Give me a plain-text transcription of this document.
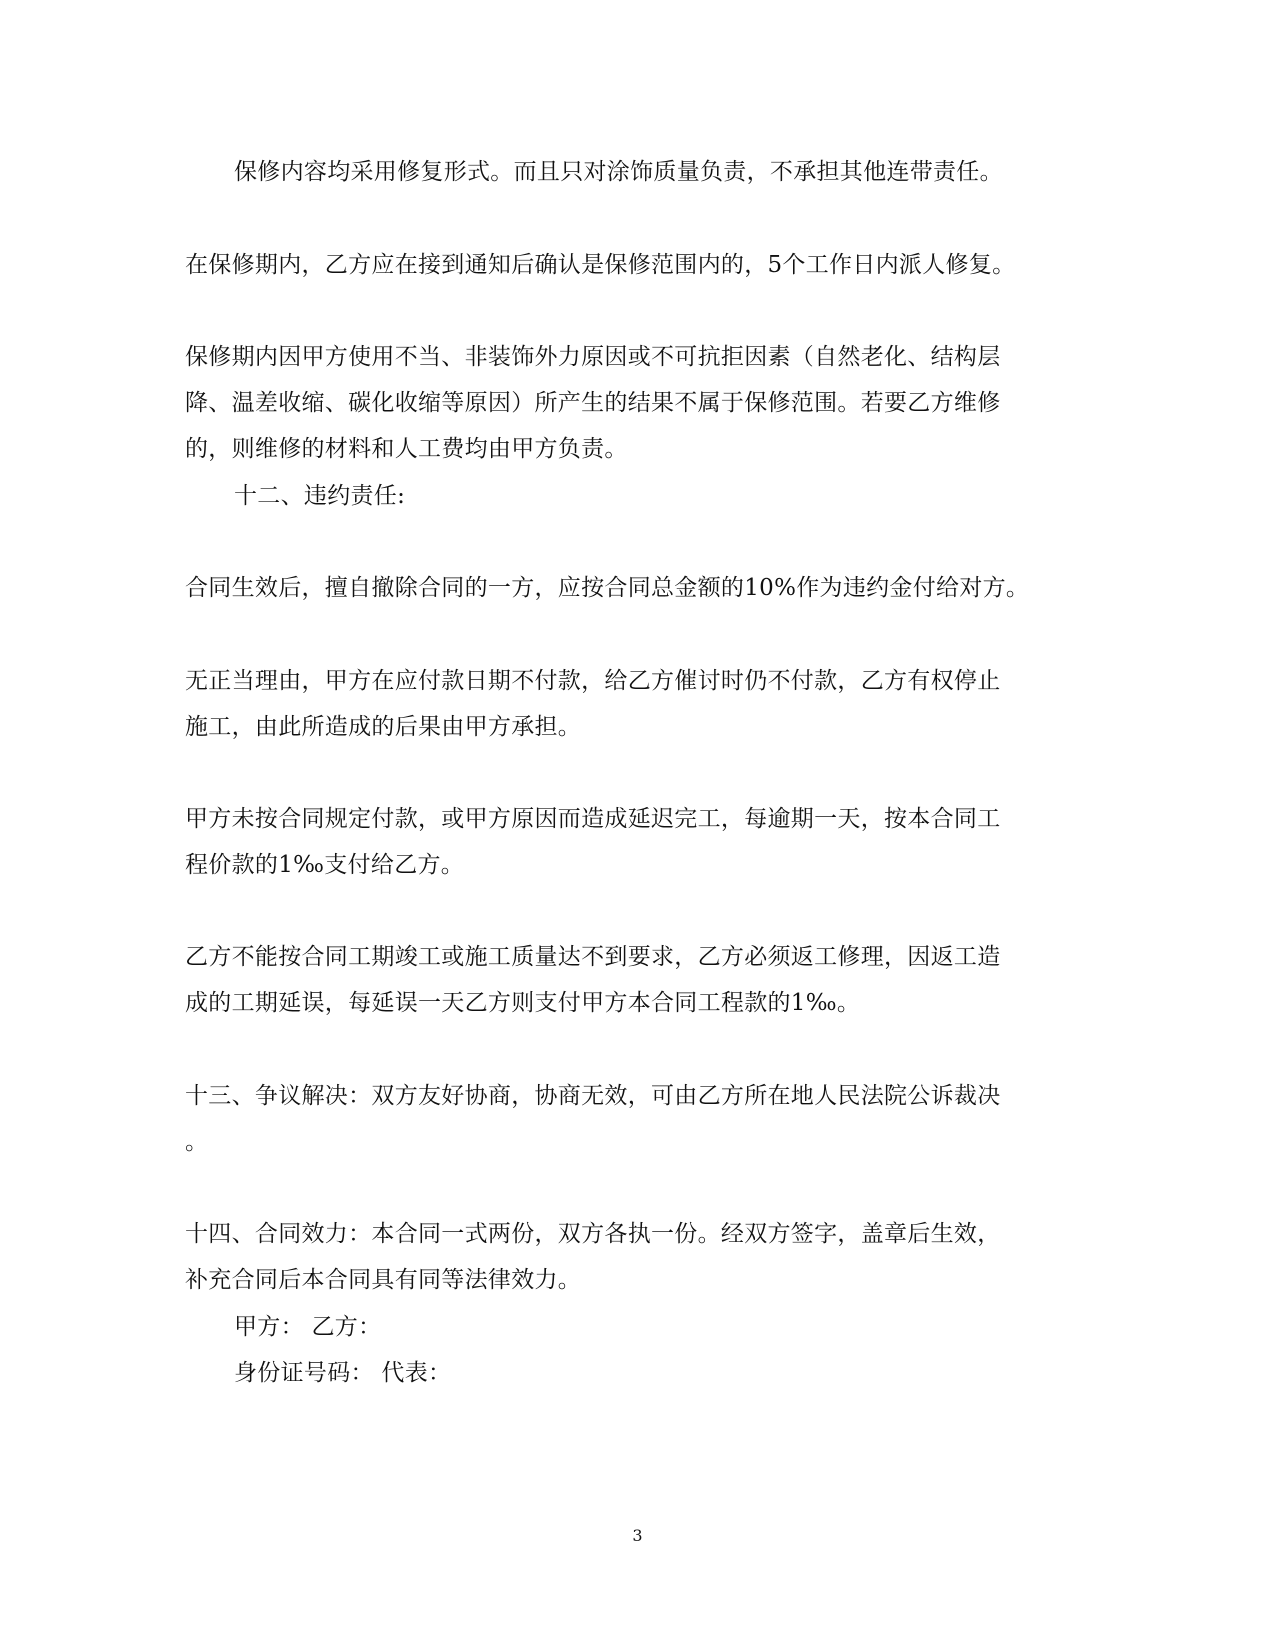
保修内容均采用修复形式。而且只对涂饰质量负责，不承担其他连带责任。
在保修期内，乙方应在接到通知后确认是保修范围内的，5个工作日内派人修复。
保修期内因甲方使用不当、非装饰外力原因或不可抗拒因素（自然老化、结构层
降、温差收缩、碳化收缩等原因）所产生的结果不属于保修范围。若要乙方维修
的，则维修的材料和人工费均由甲方负责。
十二、违约责任:
合同生效后，擅自撤除合同的一方，应按合同总金额的10%作为违约金付给对方。
无正当理由，甲方在应付款日期不付款，给乙方催讨时仍不付款，乙方有权停止
施工，由此所造成的后果由甲方承担。
甲方未按合同规定付款，或甲方原因而造成延迟完工，每逾期一天，按本合同工
程价款的1‰支付给乙方。
乙方不能按合同工期竣工或施工质量达不到要求，乙方必须返工修理，因返工造
成的工期延误，每延误一天乙方则支付甲方本合同工程款的1‰。
十三、争议解决：双方友好协商，协商无效，可由乙方所在地人民法院公诉裁决
。
十四、合同效力：本合同一式两份，双方各执一份。经双方签字，盖章后生效，
补充合同后本合同具有同等法律效力。
甲方： 乙方：
身份证号码： 代表：
3
